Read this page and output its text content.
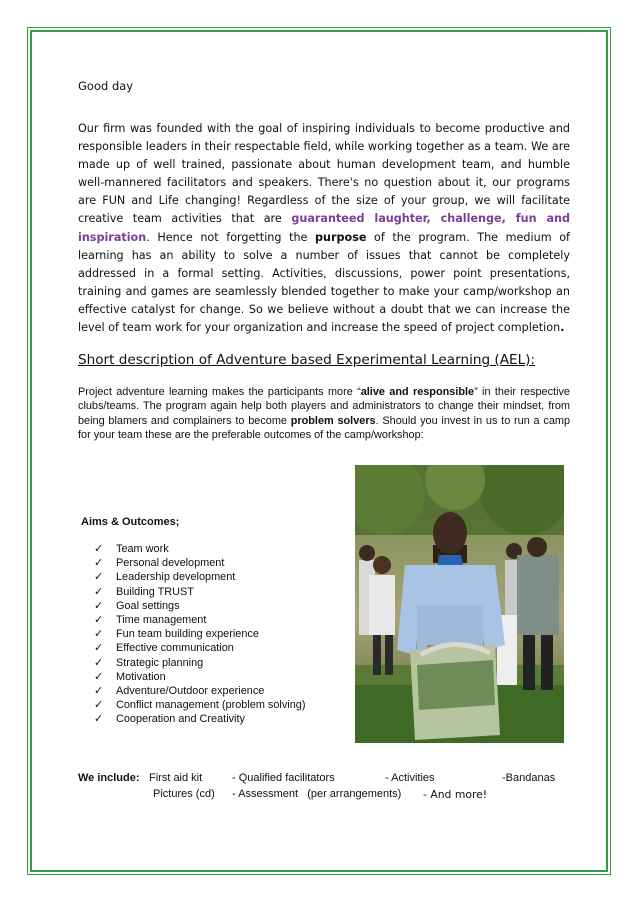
Good day

Our firm was founded with the goal of inspiring individuals to become productive and responsible leaders in their respectable field, while working together as a team. We are made up of well trained, passionate about human development team, and humble well-mannered facilitators and speakers. There's no question about it, our programs are FUN and Life changing! Regardless of the size of your group, we will facilitate creative team activities that are guaranteed laughter, challenge, fun and inspiration. Hence not forgetting the purpose of the program. The medium of learning has an ability to solve a number of issues that cannot be completely addressed in a formal setting. Activities, discussions, power point presentations, training and games are seamlessly blended together to make your camp/workshop an effective catalyst for change. So we believe without a doubt that we can increase the level of team work for your organization and increase the speed of project completion.

Short description of Adventure based Experimental Learning (AEL):

Project adventure learning makes the participants more “alive and responsible” in their respective clubs/teams. The program again help both players and administrators to change their mindset, from being blamers and complainers to become problem solvers. Should you invest in us to run a camp for your team these are the preferable outcomes of the camp/workshop:

Aims & Outcomes;
✓ Team work
✓ Personal development
✓ Leadership development
✓ Building TRUST
✓ Goal settings
✓ Time management
✓ Fun team building experience
✓ Effective communication
✓ Strategic planning
✓ Motivation
✓ Adventure/Outdoor experience
✓ Conflict management (problem solving)
✓ Cooperation and Creativity
We include: First aid kit	- Qualified facilitators	- Activities	-Bandanas
Pictures (cd) - Assessment   (per arrangements) - And more!
